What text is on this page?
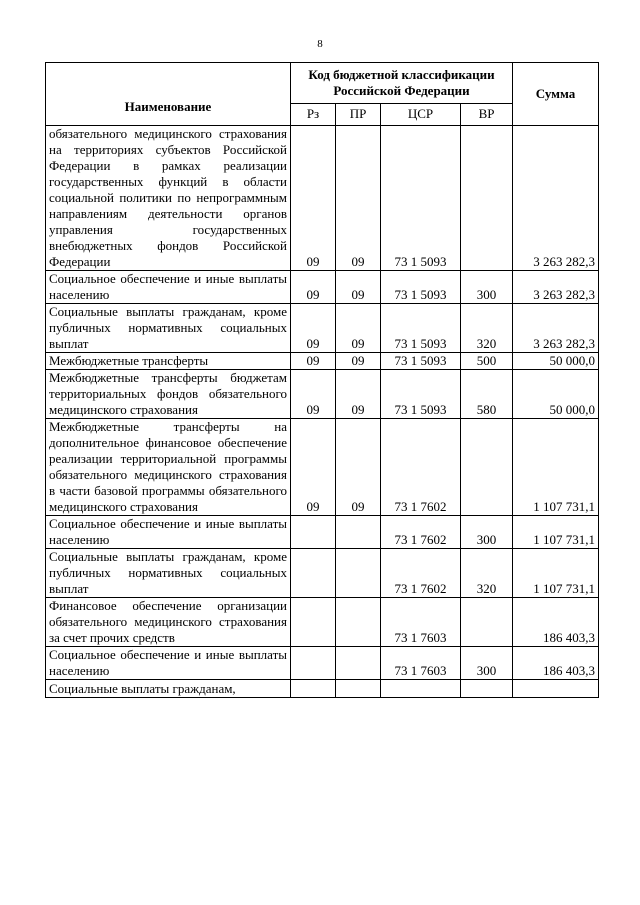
8
Наименование	Код бюджетной классификации Российской Федерации				Сумма
	Рз	ПР	ЦСР	ВР	
обязательного медицинского страхования на территориях субъектов Российской Федерации в рамках реализации государственных функций в области социальной политики по непрограммным направлениям деятельности органов управления государственных внебюджетных фондов Российской Федерации	09	09	73 1 5093		3 263 282,3
Социальное обеспечение и иные выплаты населению	09	09	73 1 5093	300	3 263 282,3
Социальные выплаты гражданам, кроме публичных нормативных социальных выплат	09	09	73 1 5093	320	3 263 282,3
Межбюджетные трансферты	09	09	73 1 5093	500	50 000,0
Межбюджетные трансферты бюджетам территориальных фондов обязательного медицинского страхования	09	09	73 1 5093	580	50 000,0
Межбюджетные трансферты на дополнительное финансовое обеспечение реализации территориальной программы обязательного медицинского страхования в части базовой программы обязательного медицинского страхования	09	09	73 1 7602		1 107 731,1
Социальное обеспечение и иные выплаты населению			73 1 7602	300	1 107 731,1
Социальные выплаты гражданам, кроме публичных нормативных социальных выплат			73 1 7602	320	1 107 731,1
Финансовое обеспечение организации обязательного медицинского страхования за счет прочих средств			73 1 7603		186 403,3
Социальное обеспечение и иные выплаты населению			73 1 7603	300	186 403,3
Социальные выплаты гражданам,					
